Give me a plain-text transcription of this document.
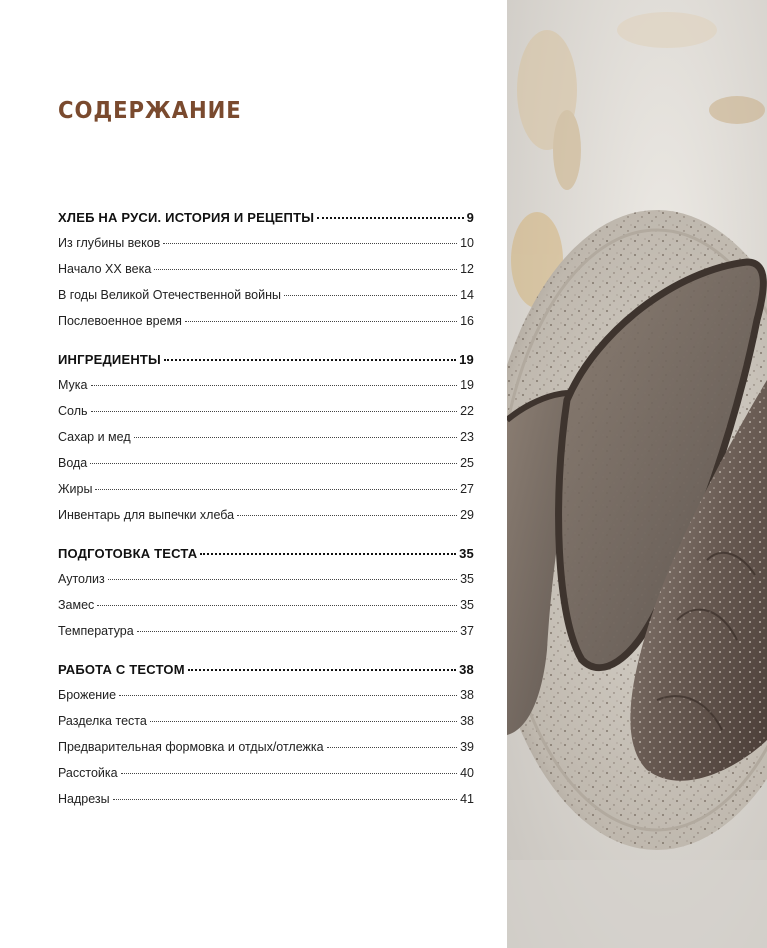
СОДЕРЖАНИЕ
ХЛЕБ НА РУСИ. ИСТОРИЯ И РЕЦЕПТЫ	9
Из глубины веков	10
Начало XX века	12
В годы Великой Отечественной войны	14
Послевоенное время	16
ИНГРЕДИЕНТЫ	19
Мука	19
Соль	22
Сахар и мед	23
Вода	25
Жиры	27
Инвентарь для выпечки хлеба	29
ПОДГОТОВКА ТЕСТА	35
Аутолиз	35
Замес	35
Температура	37
РАБОТА С ТЕСТОМ	38
Брожение	38
Разделка теста	38
Предварительная формовка и отдых/отлежка	39
Расстойка	40
Надрезы	41
